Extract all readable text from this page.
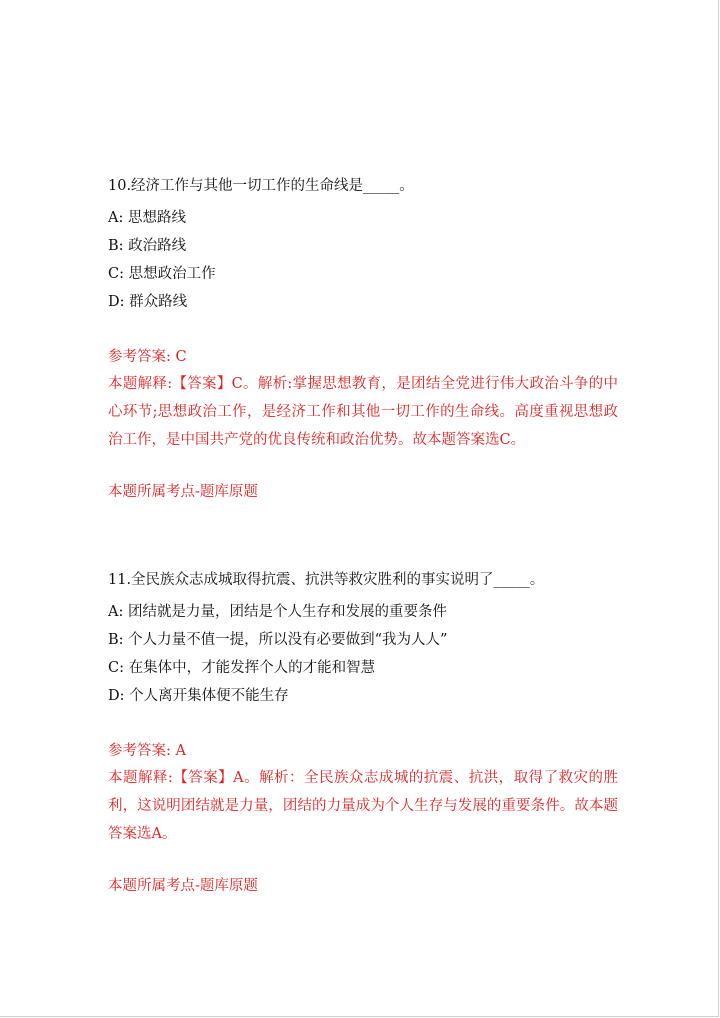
10.经济工作与其他一切工作的生命线是_____。
A: 思想路线
B: 政治路线
C: 思想政治工作
D: 群众路线
参考答案: C
本题解释:【答案】C。解析:掌握思想教育，是团结全党进行伟大政治斗争的中心环节;思想政治工作，是经济工作和其他一切工作的生命线。高度重视思想政治工作，是中国共产党的优良传统和政治优势。故本题答案选C。
本题所属考点-题库原题
11.全民族众志成城取得抗震、抗洪等救灾胜利的事实说明了_____。
A: 团结就是力量，团结是个人生存和发展的重要条件
B: 个人力量不值一提，所以没有必要做到“我为人人”
C: 在集体中，才能发挥个人的才能和智慧
D: 个人离开集体便不能生存
参考答案: A
本题解释:【答案】A。解析：全民族众志成城的抗震、抗洪，取得了救灾的胜利，这说明团结就是力量，团结的力量成为个人生存与发展的重要条件。故本题答案选A。
本题所属考点-题库原题
